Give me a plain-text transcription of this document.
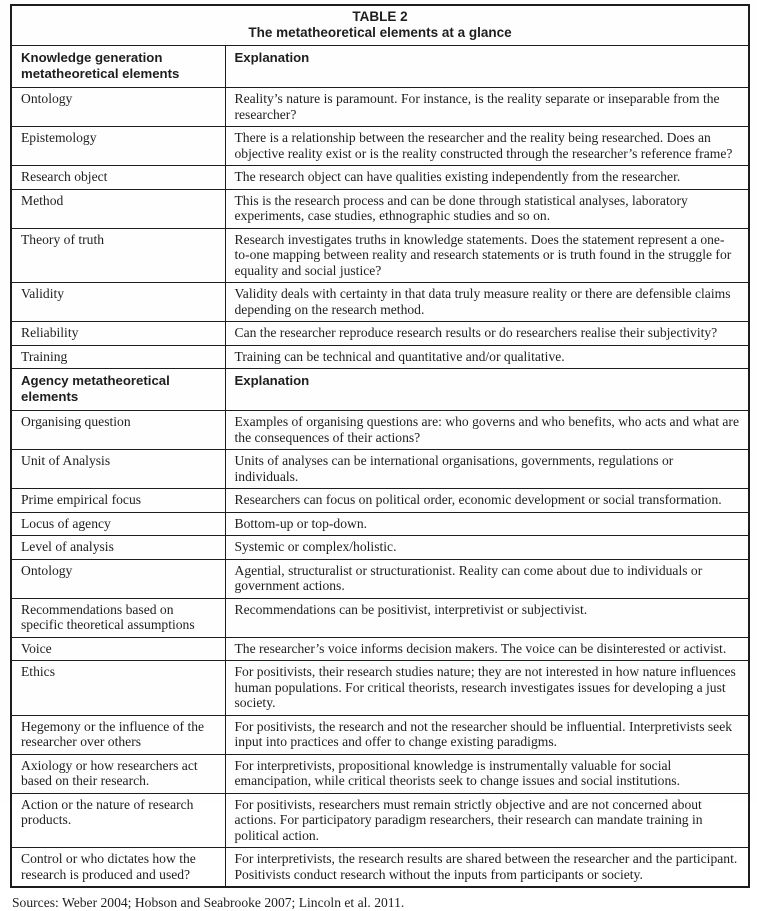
TABLE 2
The metatheoretical elements at a glance	

Knowledge generation metatheoretical elements	Explanation
Ontology	Reality’s nature is paramount. For instance, is the reality separate or inseparable from the researcher?
Epistemology	There is a relationship between the researcher and the reality being researched. Does an objective reality exist or is the reality constructed through the researcher’s reference frame?
Research object	The research object can have qualities existing independently from the researcher.
Method	This is the research process and can be done through statistical analyses, laboratory experiments, case studies, ethnographic studies and so on.
Theory of truth	Research investigates truths in knowledge statements. Does the statement represent a one-to-one mapping between reality and research statements or is truth found in the struggle for equality and social justice?
Validity	Validity deals with certainty in that data truly measure reality or there are defensible claims depending on the research method.
Reliability	Can the researcher reproduce research results or do researchers realise their subjectivity?
Training	Training can be technical and quantitative and/or qualitative.
Agency metatheoretical elements	Explanation
Organising question	Examples of organising questions are: who governs and who benefits, who acts and what are the consequences of their actions?
Unit of Analysis	Units of analyses can be international organisations, governments, regulations or individuals.
Prime empirical focus	Researchers can focus on political order, economic development or social transformation.
Locus of agency	Bottom-up or top-down.
Level of analysis	Systemic or complex/holistic.
Ontology	Agential, structuralist or structurationist. Reality can come about due to individuals or government actions.
Recommendations based on specific theoretical assumptions	Recommendations can be positivist, interpretivist or subjectivist.
Voice	The researcher’s voice informs decision makers. The voice can be disinterested or activist.
Ethics	For positivists, their research studies nature; they are not interested in how nature influences human populations. For critical theorists, research investigates issues for developing a just society.
Hegemony or the influence of the researcher over others	For positivists, the research and not the researcher should be influential. Interpretivists seek input into practices and offer to change existing paradigms.
Axiology or how researchers act based on their research.	For interpretivists, propositional knowledge is instrumentally valuable for social emancipation, while critical theorists seek to change issues and social institutions.
Action or the nature of research products.	For positivists, researchers must remain strictly objective and are not concerned about actions. For participatory paradigm researchers, their research can mandate training in political action.
Control or who dictates how the research is produced and used?	For interpretivists, the research results are shared between the researcher and the participant. Positivists conduct research without the inputs from participants or society.
Sources: Weber 2004; Hobson and Seabrooke 2007; Lincoln et al. 2011.
